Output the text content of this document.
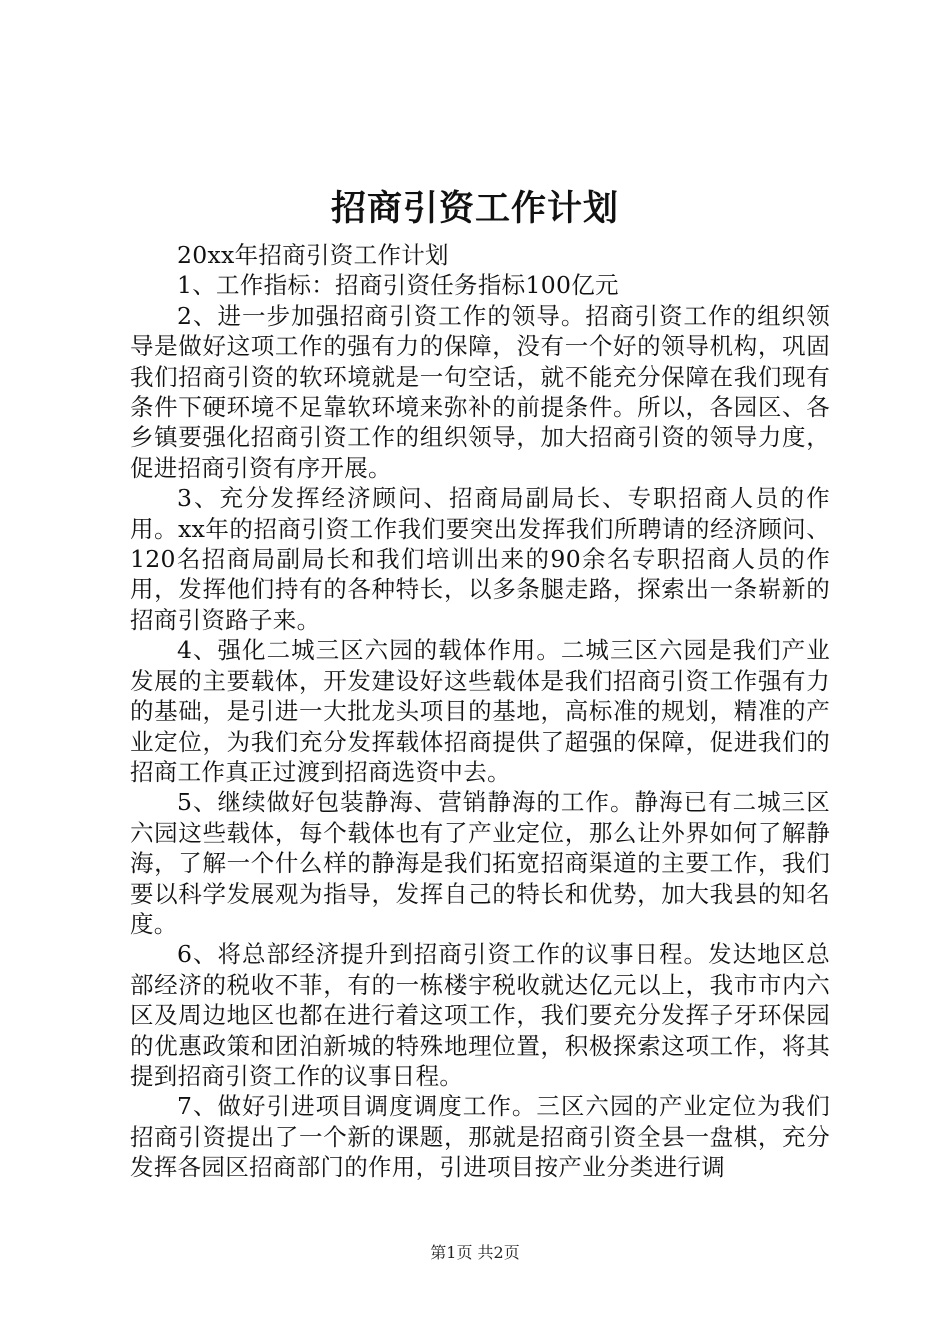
招商引资工作计划

20xx年招商引资工作计划

1、工作指标：招商引资任务指标100亿元

2、进一步加强招商引资工作的领导。招商引资工作的组织领导是做好这项工作的强有力的保障，没有一个好的领导机构，巩固我们招商引资的软环境就是一句空话，就不能充分保障在我们现有条件下硬环境不足靠软环境来弥补的前提条件。所以，各园区、各乡镇要强化招商引资工作的组织领导，加大招商引资的领导力度，促进招商引资有序开展。

3、充分发挥经济顾问、招商局副局长、专职招商人员的作用。xx年的招商引资工作我们要突出发挥我们所聘请的经济顾问、120名招商局副局长和我们培训出来的90余名专职招商人员的作用，发挥他们持有的各种特长，以多条腿走路，探索出一条崭新的招商引资路子来。

4、强化二城三区六园的载体作用。二城三区六园是我们产业发展的主要载体，开发建设好这些载体是我们招商引资工作强有力的基础，是引进一大批龙头项目的基地，高标准的规划，精准的产业定位，为我们充分发挥载体招商提供了超强的保障，促进我们的招商工作真正过渡到招商选资中去。

5、继续做好包装静海、营销静海的工作。静海已有二城三区六园这些载体，每个载体也有了产业定位，那么让外界如何了解静海，了解一个什么样的静海是我们拓宽招商渠道的主要工作，我们要以科学发展观为指导，发挥自己的特长和优势，加大我县的知名度。

6、将总部经济提升到招商引资工作的议事日程。发达地区总部经济的税收不菲，有的一栋楼宇税收就达亿元以上，我市市内六区及周边地区也都在进行着这项工作，我们要充分发挥子牙环保园的优惠政策和团泊新城的特殊地理位置，积极探索这项工作，将其提到招商引资工作的议事日程。

7、做好引进项目调度调度工作。三区六园的产业定位为我们招商引资提出了一个新的课题，那就是招商引资全县一盘棋，充分发挥各园区招商部门的作用，引进项目按产业分类进行调

第1页 共2页
